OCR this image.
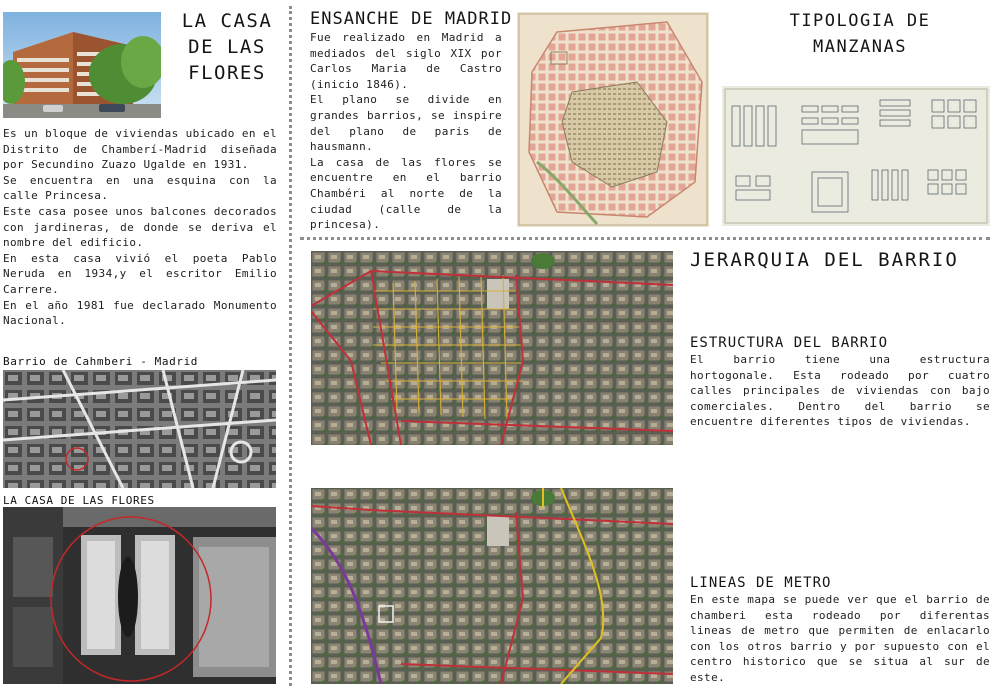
LA CASA DE LAS FLORES

Es un bloque de viviendas ubicado en el Distrito de Chamberí-Madrid diseñada por Secundino Zuazo Ugalde en 1931.

Se encuentra en una esquina con la calle Princesa.

Este casa posee unos balcones decorados con jardineras, de donde se deriva el nombre del edificio.

En esta casa vivió el poeta Pablo Neruda en 1934,y el escritor Emilio Carrere.

En el año 1981 fue declarado Monumento Nacional.

Barrio de Cahmberi - Madrid
LA CASA DE LAS FLORES
ENSANCHE DE MADRID

Fue realizado en Madrid a mediados del siglo XIX por Carlos Maria de Castro (inicio 1846).

El plano se divide en grandes barrios, se inspire del plano de paris de hausmann.

La casa de las flores se encuentre en el barrio Chambéri al norte de la ciudad (calle de la princesa).

TIPOLOGIA DE MANZANAS
JERARQUIA DEL BARRIO
ESTRUCTURA DEL BARRIO

El barrio tiene una estructura hortogonale. Esta rodeado por cuatro calles principales de viviendas con bajo comerciales. Dentro del barrio se encuentre diferentes tipos de viviendas.

LINEAS DE METRO

En este mapa se puede ver que el barrio de chamberi esta rodeado por diferentas lineas de metro que permiten de enlacarlo con los otros barrio y por supuesto con el centro historico que se situa al sur de este.
